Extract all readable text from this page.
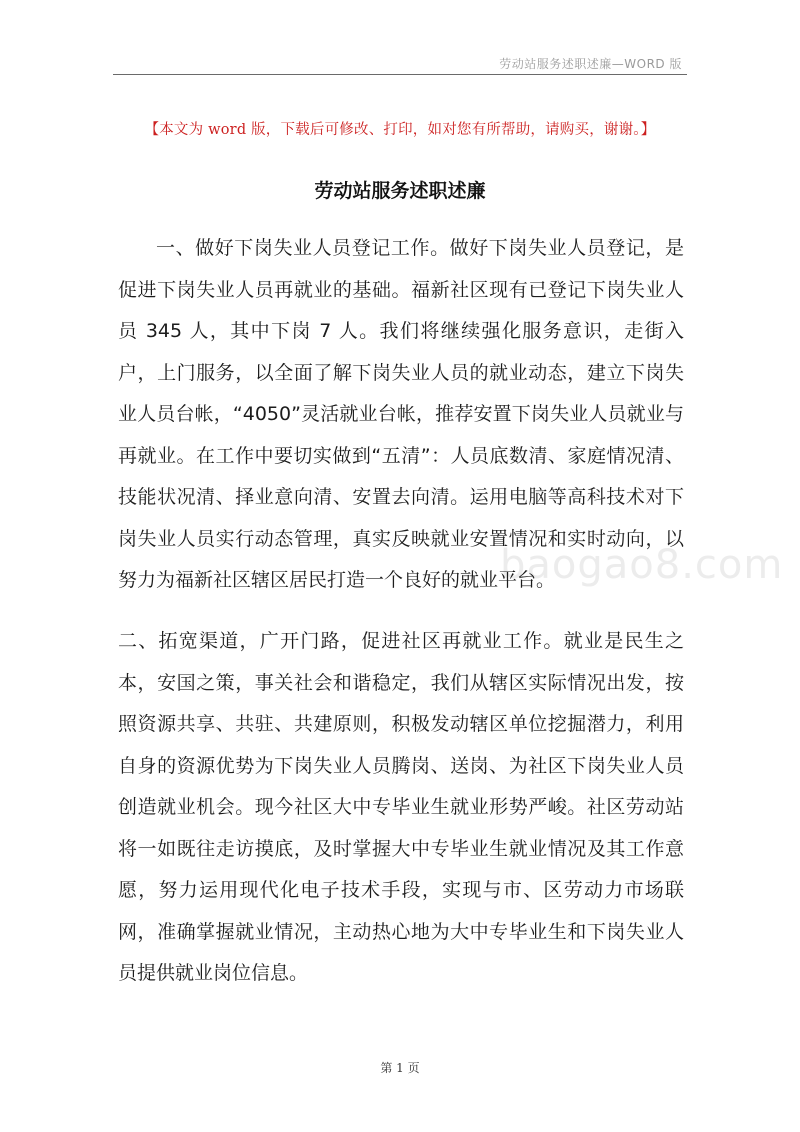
劳动站服务述职述廉—WORD 版
【本文为 word 版，下载后可修改、打印，如对您有所帮助，请购买，谢谢。】
劳动站服务述职述廉
baogao8.com

一、做好下岗失业人员登记工作。做好下岗失业人员登记，是促进下岗失业人员再就业的基础。福新社区现有已登记下岗失业人员 345 人，其中下岗 7 人。我们将继续强化服务意识，走街入户，上门服务，以全面了解下岗失业人员的就业动态，建立下岗失业人员台帐，“4050”灵活就业台帐，推荐安置下岗失业人员就业与再就业。在工作中要切实做到“五清”：人员底数清、家庭情况清、技能状况清、择业意向清、安置去向清。运用电脑等高科技术对下岗失业人员实行动态管理，真实反映就业安置情况和实时动向，以努力为福新社区辖区居民打造一个良好的就业平台。

二、拓宽渠道，广开门路，促进社区再就业工作。就业是民生之本，安国之策，事关社会和谐稳定，我们从辖区实际情况出发，按照资源共享、共驻、共建原则，积极发动辖区单位挖掘潜力，利用自身的资源优势为下岗失业人员腾岗、送岗、为社区下岗失业人员创造就业机会。现今社区大中专毕业生就业形势严峻。社区劳动站将一如既往走访摸底，及时掌握大中专毕业生就业情况及其工作意愿，努力运用现代化电子技术手段，实现与市、区劳动力市场联网，准确掌握就业情况，主动热心地为大中专毕业生和下岗失业人员提供就业岗位信息。

第 1 页
